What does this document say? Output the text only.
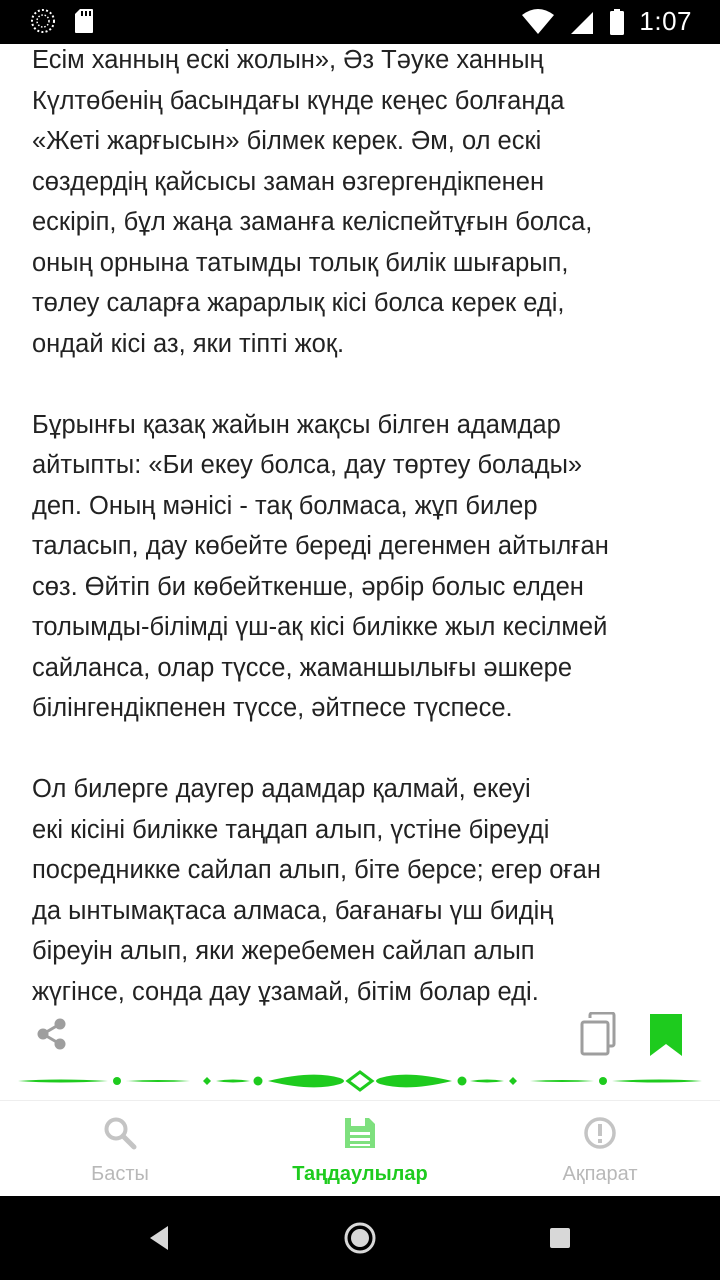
1:07

Есім ханның ескі жолын», Әз Тәуке ханның
Күлтөбенің басындағы күнде кеңес болғанда
«Жеті жарғысын» білмек керек. Әм, ол ескі
сөздердің қайсысы заман өзгергендікпенен
ескіріп, бұл жаңа заманға келіспейтұғын болса,
оның орнына татымды толық билік шығарып,
төлеу саларға жарарлық кісі болса керек еді,
ондай кісі аз, яки тіпті жоқ.

Бұрынғы қазақ жайын жақсы білген адамдар
айтыпты: «Би екеу болса, дау төртеу болады»
деп. Оның мәнісі - тақ болмаса, жұп билер
таласып, дау көбейте береді дегенмен айтылған
сөз. Өйтіп би көбейткенше, әрбір болыс елден
толымды-білімді үш-ақ кісі билікке жыл кесілмей
сайланса, олар түссе, жаманшылығы әшкере
білінгендікпенен түссе, әйтпесе түспесе.

Ол билерге даугер адамдар қалмай, екеуі
екі кісіні билікке таңдап алып, үстіне біреуді
посредникке сайлап алып, біте берсе; егер оған
да ынтымақтаса алмаса, бағанағы үш бидің
біреуін алып, яки жеребемен сайлап алып
жүгінсе, сонда дау ұзамай, бітім болар еді.

Басты	Таңдаулылар	Ақпарат
